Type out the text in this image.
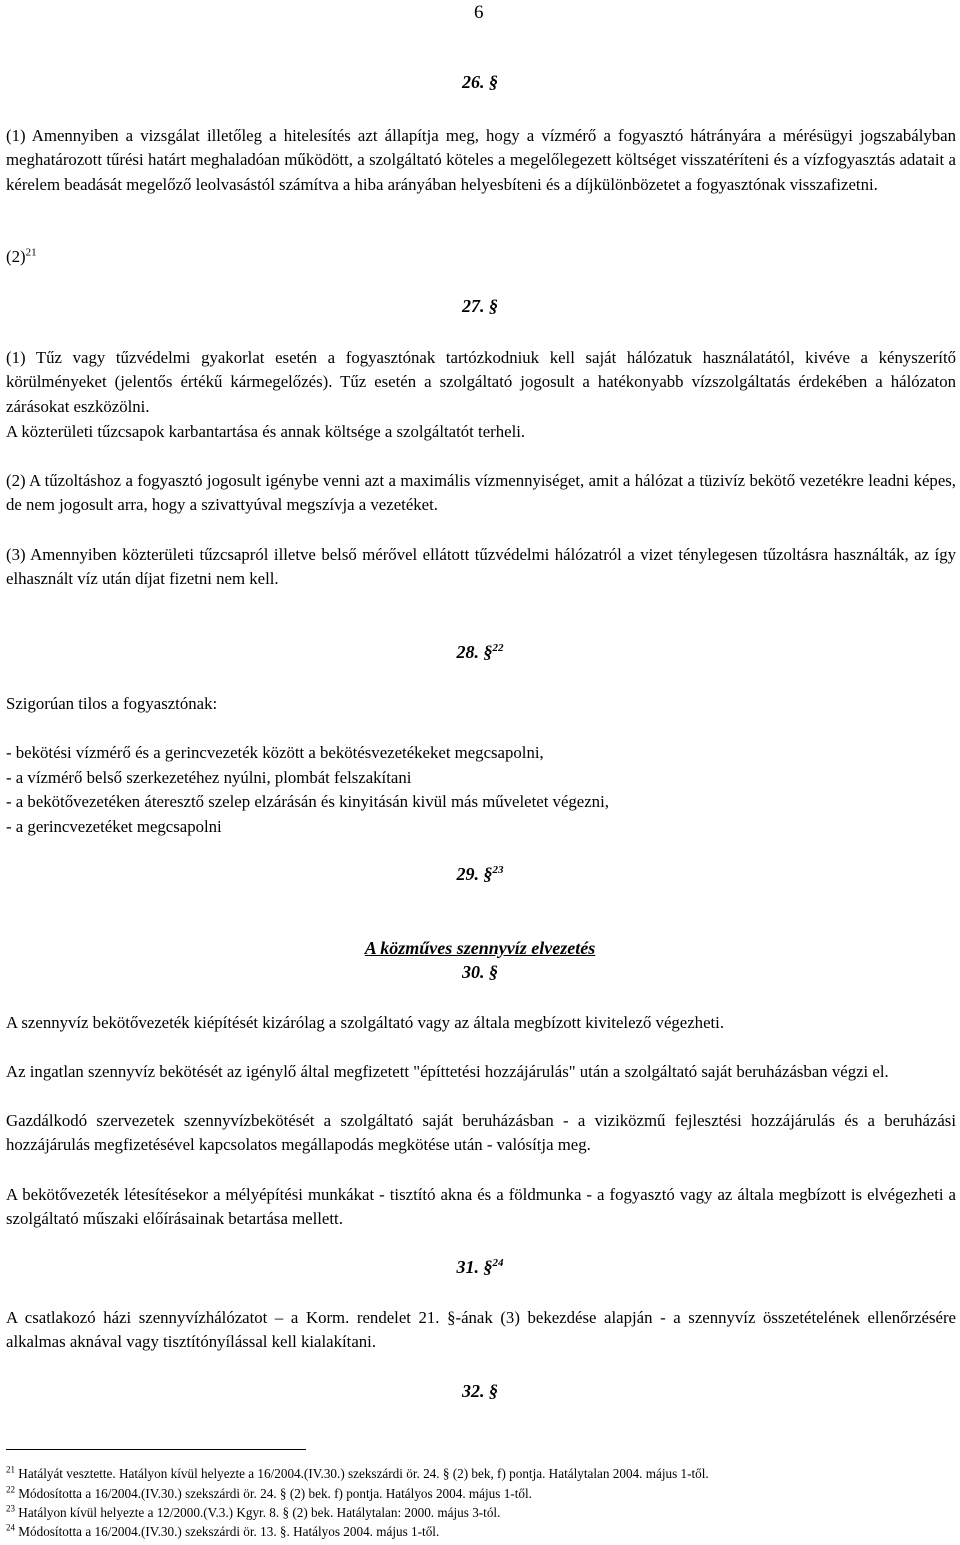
6
26. §
(1) Amennyiben a vizsgálat illetőleg a hitelesítés azt állapítja meg, hogy a vízmérő a fogyasztó hátrányára a mérésügyi jogszabályban meghatározott tűrési határt meghaladóan működött, a szolgáltató köteles a megelőlegezett költséget visszatéríteni és a vízfogyasztás adatait a kérelem beadását megelőző leolvasástól számítva a hiba arányában helyesbíteni és a díjkülönbözetet a fogyasztónak visszafizetni.
$(2)^{21}$
27. §
(1) Tűz vagy tűzvédelmi gyakorlat esetén a fogyasztónak tartózkodniuk kell saját hálózatuk használatától, kivéve a kényszerítő körülményeket (jelentős értékű kármegelőzés). Tűz esetén a szolgáltató jogosult a hatékonyabb vízszolgáltatás érdekében a hálózaton zárásokat eszközölni.
A közterületi tűzcsapok karbantartása és annak költsége a szolgáltatót terheli.
(2) A tűzoltáshoz a fogyasztó jogosult igénybe venni azt a maximális vízmennyiséget, amit a hálózat a tüzivíz bekötő vezetékre leadni képes, de nem jogosult arra, hogy a szivattyúval megszívja a vezetéket.
(3) Amennyiben közterületi tűzcsapról illetve belső mérővel ellátott tűzvédelmi hálózatról a vizet ténylegesen tűzoltásra használták, az így elhasznált víz után díjat fizetni nem kell.
28. §$^{22}$
Szigorúan tilos a fogyasztónak:
- bekötési vízmérő és a gerincvezeték között a bekötésvezetékeket megcsapolni,
- a vízmérő belső szerkezetéhez nyúlni, plombát felszakítani
- a bekötővezetéken áteresztő szelep elzárásán és kinyitásán kivül más műveletet végezni,
- a gerincvezetéket megcsapolni
29. §$^{23}$
A közműves szennyvíz elvezetés
30. §
A szennyvíz bekötővezeték kiépítését kizárólag a szolgáltató vagy az általa megbízott kivitelező végezheti.
Az ingatlan szennyvíz bekötését az igénylő által megfizetett "építtetési hozzájárulás" után a szolgáltató saját beruházásban végzi el.
Gazdálkodó szervezetek szennyvízbekötését a szolgáltató saját beruházásban - a viziközmű fejlesztési hozzájárulás és a beruházási hozzájárulás megfizetésével kapcsolatos megállapodás megkötése után - valósítja meg.
A bekötővezeték létesítésekor a mélyépítési munkákat - tisztító akna és a földmunka - a fogyasztó vagy az általa megbízott is elvégezheti a szolgáltató műszaki előírásainak betartása mellett.
31. §$^{24}$
A csatlakozó házi szennyvízhálózatot – a Korm. rendelet 21. §-ának (3) bekezdése alapján - a szennyvíz összetételének ellenőrzésére alkalmas aknával vagy tisztítónyílással kell kialakítani.
32. §
$^{21}$ Hatályát vesztette. Hatályon kívül helyezte a 16/2004.(IV.30.) szekszárdi ör. 24. § (2) bek, f) pontja. Hatálytalan 2004. május 1-től.
$^{22}$ Módosította a 16/2004.(IV.30.) szekszárdi ör. 24. § (2) bek. f) pontja. Hatályos 2004. május 1-től.
$^{23}$ Hatályon kívül helyezte a 12/2000.(V.3.) Kgyr. 8. § (2) bek. Hatálytalan: 2000. május 3-tól.
$^{24}$ Módosította a 16/2004.(IV.30.) szekszárdi ör. 13. §. Hatályos 2004. május 1-től.
